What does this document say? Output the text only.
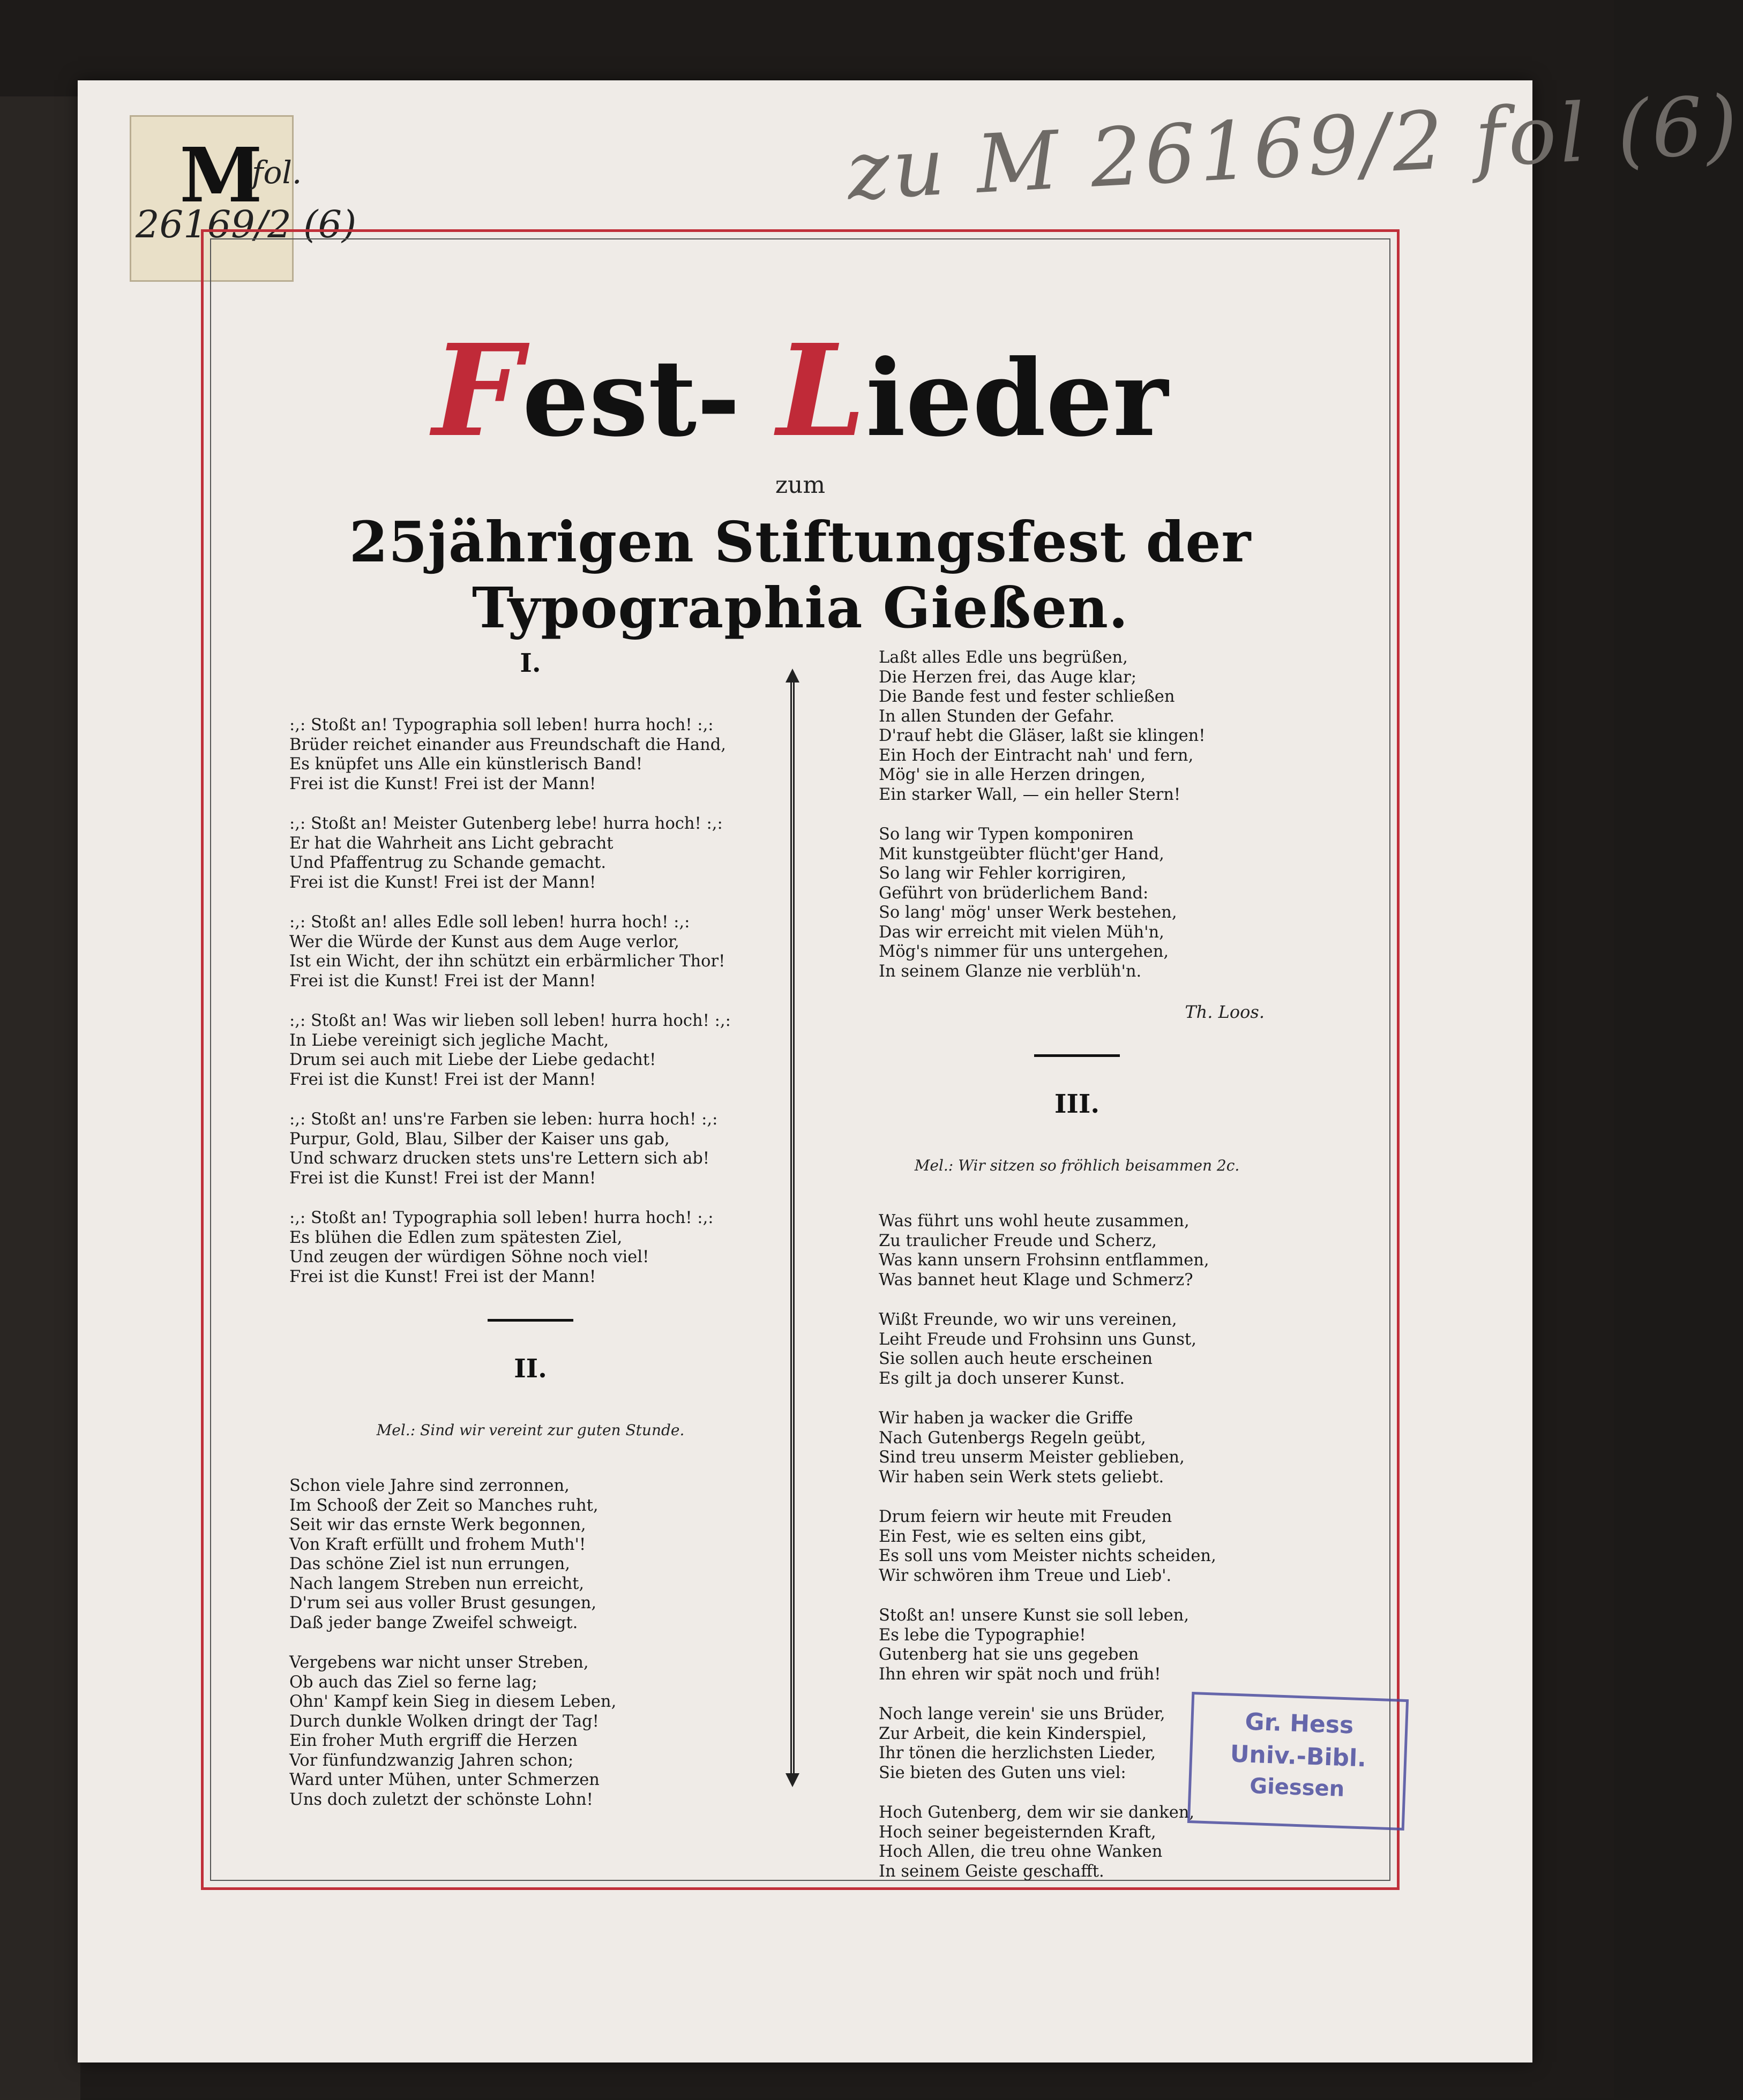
M
fol.
26169/2 (6)
zu M 26169/2 fol (6)
Fest- Lieder
zum
25jährigen Stiftungsfest der Typographia Gießen.
I.
:,: Stoßt an! Typographia soll leben! hurra hoch! :,:
Brüder reichet einander aus Freundschaft die Hand,
Es knüpfet uns Alle ein künstlerisch Band!
Frei ist die Kunst! Frei ist der Mann!
:,: Stoßt an! Meister Gutenberg lebe! hurra hoch! :,:
Er hat die Wahrheit ans Licht gebracht
Und Pfaffentrug zu Schande gemacht.
Frei ist die Kunst! Frei ist der Mann!
:,: Stoßt an! alles Edle soll leben! hurra hoch! :,:
Wer die Würde der Kunst aus dem Auge verlor,
Ist ein Wicht, der ihn schützt ein erbärmlicher Thor!
Frei ist die Kunst! Frei ist der Mann!
:,: Stoßt an! Was wir lieben soll leben! hurra hoch! :,:
In Liebe vereinigt sich jegliche Macht,
Drum sei auch mit Liebe der Liebe gedacht!
Frei ist die Kunst! Frei ist der Mann!
:,: Stoßt an! uns're Farben sie leben: hurra hoch! :,:
Purpur, Gold, Blau, Silber der Kaiser uns gab,
Und schwarz drucken stets uns're Lettern sich ab!
Frei ist die Kunst! Frei ist der Mann!
:,: Stoßt an! Typographia soll leben! hurra hoch! :,:
Es blühen die Edlen zum spätesten Ziel,
Und zeugen der würdigen Söhne noch viel!
Frei ist die Kunst! Frei ist der Mann!
II.
Mel.: Sind wir vereint zur guten Stunde.
Schon viele Jahre sind zerronnen,
Im Schooß der Zeit so Manches ruht,
Seit wir das ernste Werk begonnen,
Von Kraft erfüllt und frohem Muth'!
Das schöne Ziel ist nun errungen,
Nach langem Streben nun erreicht,
D'rum sei aus voller Brust gesungen,
Daß jeder bange Zweifel schweigt.
Vergebens war nicht unser Streben,
Ob auch das Ziel so ferne lag;
Ohn' Kampf kein Sieg in diesem Leben,
Durch dunkle Wolken dringt der Tag!
Ein froher Muth ergriff die Herzen
Vor fünfundzwanzig Jahren schon;
Ward unter Mühen, unter Schmerzen
Uns doch zuletzt der schönste Lohn!
Laßt alles Edle uns begrüßen,
Die Herzen frei, das Auge klar;
Die Bande fest und fester schließen
In allen Stunden der Gefahr.
D'rauf hebt die Gläser, laßt sie klingen!
Ein Hoch der Eintracht nah' und fern,
Mög' sie in alle Herzen dringen,
Ein starker Wall, — ein heller Stern!
So lang wir Typen komponiren
Mit kunstgeübter flücht'ger Hand,
So lang wir Fehler korrigiren,
Geführt von brüderlichem Band:
So lang' mög' unser Werk bestehen,
Das wir erreicht mit vielen Müh'n,
Mög's nimmer für uns untergehen,
In seinem Glanze nie verblüh'n.
Th. Loos.
III.
Mel.: Wir sitzen so fröhlich beisammen 2c.
Was führt uns wohl heute zusammen,
Zu traulicher Freude und Scherz,
Was kann unsern Frohsinn entflammen,
Was bannet heut Klage und Schmerz?
Wißt Freunde, wo wir uns vereinen,
Leiht Freude und Frohsinn uns Gunst,
Sie sollen auch heute erscheinen
Es gilt ja doch unserer Kunst.
Wir haben ja wacker die Griffe
Nach Gutenbergs Regeln geübt,
Sind treu unserm Meister geblieben,
Wir haben sein Werk stets geliebt.
Drum feiern wir heute mit Freuden
Ein Fest, wie es selten eins gibt,
Es soll uns vom Meister nichts scheiden,
Wir schwören ihm Treue und Lieb'.
Stoßt an! unsere Kunst sie soll leben,
Es lebe die Typographie!
Gutenberg hat sie uns gegeben
Ihn ehren wir spät noch und früh!
Noch lange verein' sie uns Brüder,
Zur Arbeit, die kein Kinderspiel,
Ihr tönen die herzlichsten Lieder,
Sie bieten des Guten uns viel:
Hoch Gutenberg, dem wir sie danken,
Hoch seiner begeisternden Kraft,
Hoch Allen, die treu ohne Wanken
In seinem Geiste geschafft.
Gr. Hess
Univ.-Bibl.
Giessen
